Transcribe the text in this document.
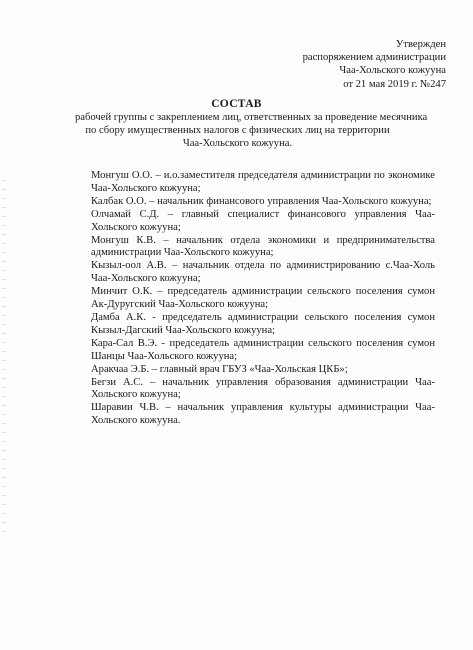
Утвержден
распоряжением администрации
Чаа-Хольского кожууна
от 21 мая 2019 г. №247
СОСТАВ
рабочей группы с закреплением лиц, ответственных за проведение месячника
по сбору имущественных налогов с физических лиц на территории
Чаа-Хольского кожууна.
Монгуш О.О. – и.о.заместителя председателя администрации по экономике Чаа-Хольского кожууна;
Калбак О.О. – начальник финансового управления Чаа-Хольского кожууна;
Олчамай С.Д. – главный специалист финансового управления Чаа-Хольского кожууна;
Монгуш К.В. – начальник отдела экономики и предпринимательства администрации Чаа-Хольского кожууна;
Кызыл-оол А.В. – начальник отдела по администрированию с.Чаа-Холь Чаа-Хольского кожууна;
Минчит О.К. – председатель администрации сельского поселения сумон Ак-Дуругский Чаа-Хольского кожууна;
Дамба А.К. - председатель администрации сельского поселения сумон Кызыл-Дагский Чаа-Хольского кожууна;
Кара-Сал В.Э. - председатель администрации сельского поселения сумон Шанцы Чаа-Хольского кожууна;
Аракчаа Э.Б. – главный врач ГБУЗ «Чаа-Хольская ЦКБ»;
Бегзи А.С. – начальник управления образования администрации Чаа-Хольского кожууна;
Шаравии Ч.В. – начальник управления культуры администрации Чаа-Хольского кожууна.
